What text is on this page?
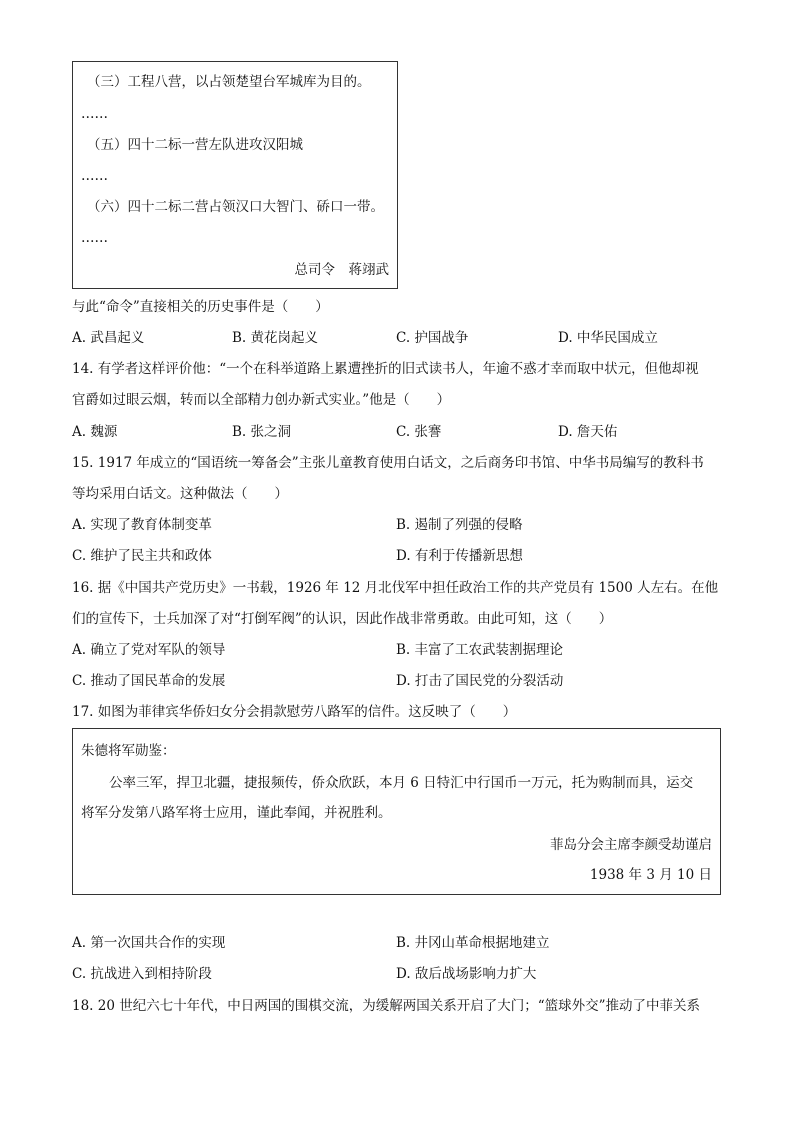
（三）工程八营，以占领楚望台军城库为目的。
……
（五）四十二标一营左队进攻汉阳城
……
（六）四十二标二营占领汉口大智门、硚口一带。
……
总司令　蒋翊武
与此“命令”直接相关的历史事件是（　　）
A. 武昌起义	B. 黄花岗起义	C. 护国战争	D. 中华民国成立
14. 有学者这样评价他：“一个在科举道路上累遭挫折的旧式读书人，年逾不惑才幸而取中状元，但他却视
官爵如过眼云烟，转而以全部精力创办新式实业。”他是（　　）
A. 魏源	B. 张之洞	C. 张謇	D. 詹天佑
15. 1917 年成立的“国语统一筹备会”主张儿童教育使用白话文，之后商务印书馆、中华书局编写的教科书
等均采用白话文。这种做法（　　）
A. 实现了教育体制变革	B. 遏制了列强的侵略
C. 维护了民主共和政体	D. 有利于传播新思想
16. 据《中国共产党历史》一书载，1926 年 12 月北伐军中担任政治工作的共产党员有 1500 人左右。在他
们的宣传下，士兵加深了对“打倒军阀”的认识，因此作战非常勇敢。由此可知，这（　　）
A. 确立了党对军队的领导	B. 丰富了工农武装割据理论
C. 推动了国民革命的发展	D. 打击了国民党的分裂活动
17. 如图为菲律宾华侨妇女分会捐款慰劳八路军的信件。这反映了（　　）
朱德将军勋鉴：
公率三军，捍卫北疆，捷报频传，侨众欣跃，本月 6 日特汇中行国币一万元，托为购制而具，运交
将军分发第八路军将士应用，谨此奉闻，并祝胜利。
菲岛分会主席李颜受劫谨启
1938 年 3 月 10 日
A. 第一次国共合作的实现	B. 井冈山革命根据地建立
C. 抗战进入到相持阶段	D. 敌后战场影响力扩大
18. 20 世纪六七十年代，中日两国的围棋交流，为缓解两国关系开启了大门；“篮球外交”推动了中菲关系
